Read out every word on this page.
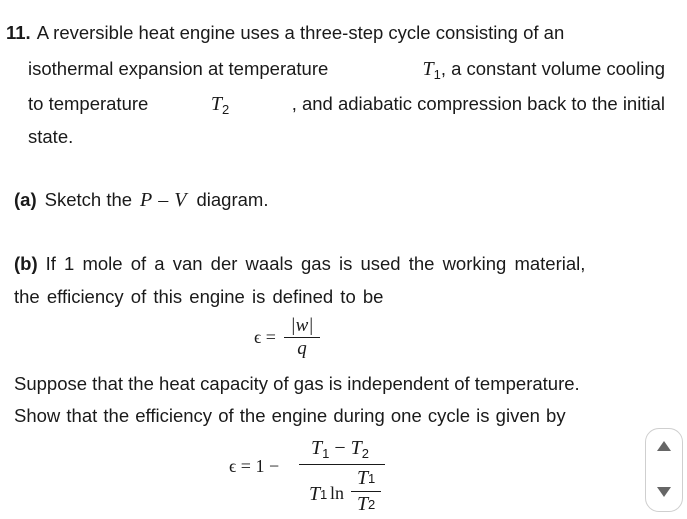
11. A reversible heat engine uses a three-step cycle consisting of an
isothermal expansion at temperature	$T_1$, a constant volume cooling
to temperature	$T_2$	, and adiabatic compression back to the initial
state.
(a) Sketch the P – V diagram.
(b) If 1 mole of a van der waals gas is used the working material,
the efficiency of this engine is defined to be
$\epsilon = \frac{|w|}{q}$
Suppose that the heat capacity of gas is independent of temperature.
Show that the efficiency of the engine during one cycle is given by
ϵ = 1 −
$T_1 - T_2$
T 1 ln
T 1
T 2
